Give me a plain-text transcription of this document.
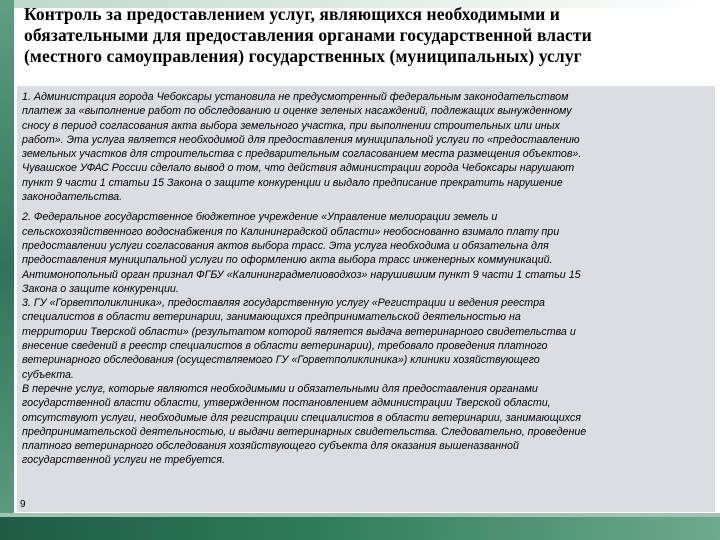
Контроль за предоставлением услуг, являющихся необходимыми и
обязательными для предоставления органами государственной власти
(местного самоуправления) государственных (муниципальных) услуг

1. Администрация города Чебоксары установила не предусмотренный федеральным законодательством
платеж за «выполнение работ по обследованию и оценке зеленых насаждений, подлежащих вынужденному
сносу в период согласования акта выбора земельного участка, при выполнении строительных или иных
работ». Эта услуга является необходимой для предоставления муниципальной услуги по «предоставлению
земельных участков для строительства с предварительным согласованием места размещения объектов».
Чувашское УФАС России сделало вывод о том, что действия администрации города Чебоксары нарушают
пункт 9 части 1 статьи 15 Закона о защите конкуренции и выдало предписание прекратить нарушение
законодательства.

2. Федеральное государственное бюджетное учреждение «Управление мелиорации земель и
сельскохозяйственного водоснабжения по Калининградской области» необоснованно взимало плату при
предоставлении услуги согласования актов выбора трасс. Эта услуга необходима и обязательна для
предоставления муниципальной услуги по оформлению акта выбора трасс инженерных коммуникаций.
Антимонопольный орган признал ФГБУ «Калининградмелиоводхоз» нарушившим пункт 9 части 1 статьи 15
Закона о защите конкуренции.

3. ГУ «Горветполиклиника», предоставляя государственную услугу «Регистрации и ведения реестра
специалистов в области ветеринарии, занимающихся предпринимательской деятельностью на
территории Тверской области» (результатом которой является выдача ветеринарного свидетельства и
внесение сведений в реестр специалистов в области ветеринарии), требовало проведения платного
ветеринарного обследования (осуществляемого ГУ «Горветполиклиника») клиники хозяйствующего
субъекта.

В перечне услуг, которые являются необходимыми и обязательными для предоставления органами
государственной власти области, утвержденном постановлением администрации Тверской области,
отсутствуют услуги, необходимые для регистрации специалистов в области ветеринарии, занимающихся
предпринимательской деятельностью, и выдачи ветеринарных свидетельства. Следовательно, проведение
платного ветеринарного обследования хозяйствующего субъекта для оказания вышеназванной
государственной услуги не требуется.

9
